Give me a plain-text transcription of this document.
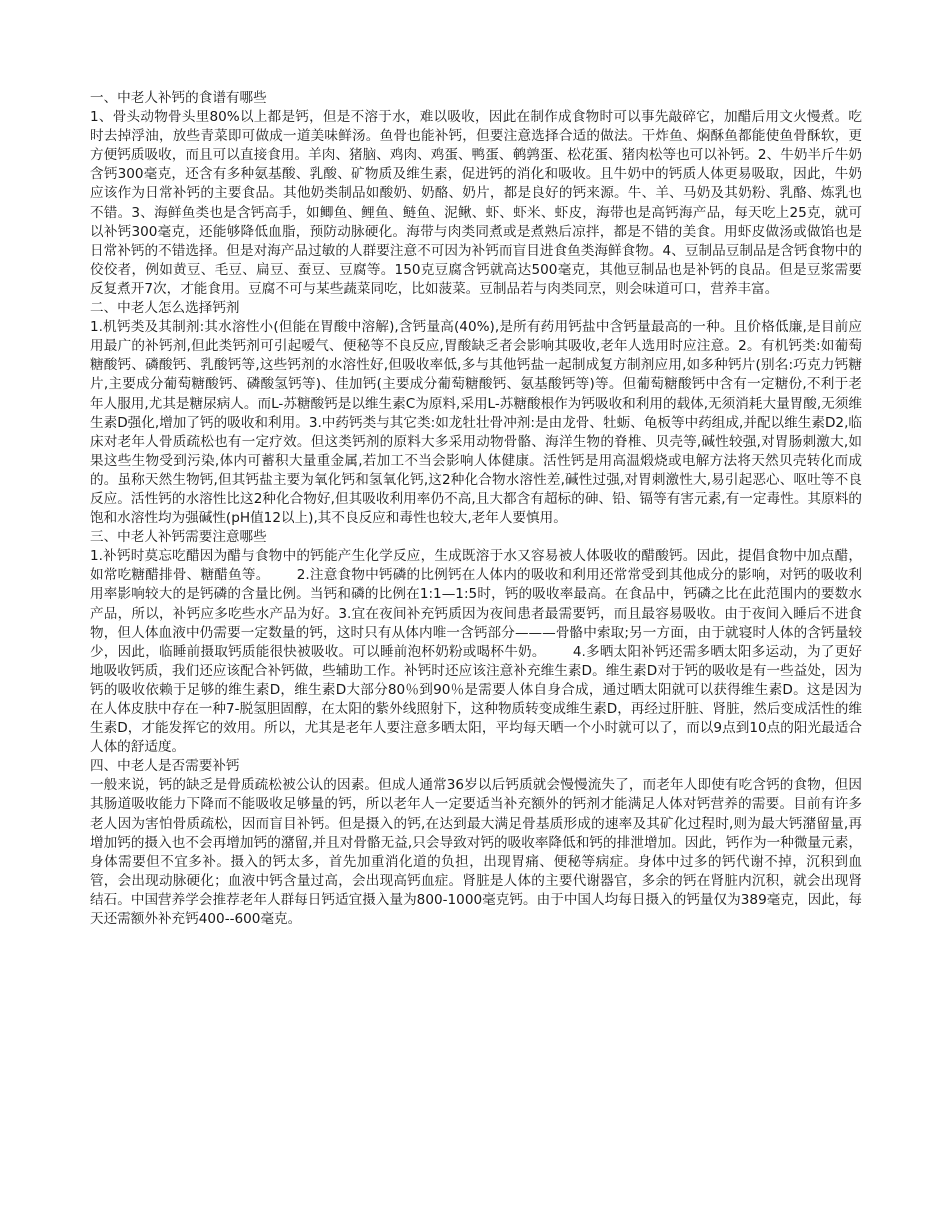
一、中老人补钙的食谱有哪些

1、骨头动物骨头里80%以上都是钙，但是不溶于水，难以吸收，因此在制作成食物时可以事先敲碎它，加醋后用文火慢煮。吃时去掉浮油，放些青菜即可做成一道美味鲜汤。鱼骨也能补钙，但要注意选择合适的做法。干炸鱼、焖酥鱼都能使鱼骨酥软，更方便钙质吸收，而且可以直接食用。羊肉、猪脑、鸡肉、鸡蛋、鸭蛋、鹌鹑蛋、松花蛋、猪肉松等也可以补钙。2、牛奶半斤牛奶含钙300毫克，还含有多种氨基酸、乳酸、矿物质及维生素，促进钙的消化和吸收。且牛奶中的钙质人体更易吸取，因此，牛奶应该作为日常补钙的主要食品。其他奶类制品如酸奶、奶酪、奶片，都是良好的钙来源。牛、羊、马奶及其奶粉、乳酪、炼乳也不错。3、海鲜鱼类也是含钙高手，如鲫鱼、鲤鱼、鲢鱼、泥鳅、虾、虾米、虾皮，海带也是高钙海产品，每天吃上25克，就可以补钙300毫克，还能够降低血脂，预防动脉硬化。海带与肉类同煮或是煮熟后凉拌，都是不错的美食。用虾皮做汤或做馅也是日常补钙的不错选择。但是对海产品过敏的人群要注意不可因为补钙而盲目进食鱼类海鲜食物。4、豆制品豆制品是含钙食物中的佼佼者，例如黄豆、毛豆、扁豆、蚕豆、豆腐等。150克豆腐含钙就高达500毫克，其他豆制品也是补钙的良品。但是豆浆需要反复煮开7次，才能食用。豆腐不可与某些蔬菜同吃，比如菠菜。豆制品若与肉类同烹，则会味道可口，营养丰富。

二、中老人怎么选择钙剂

1.机钙类及其制剂:其水溶性小(但能在胃酸中溶解),含钙量高(40%),是所有药用钙盐中含钙量最高的一种。且价格低廉,是目前应用最广的补钙剂,但此类钙剂可引起嗳气、便秘等不良反应,胃酸缺乏者会影响其吸收,老年人选用时应注意。2。有机钙类:如葡萄糖酸钙、磷酸钙、乳酸钙等,这些钙剂的水溶性好,但吸收率低,多与其他钙盐一起制成复方制剂应用,如多种钙片(别名:巧克力钙糖片,主要成分葡萄糖酸钙、磷酸氢钙等)、佳加钙(主要成分葡萄糖酸钙、氨基酸钙等)等。但葡萄糖酸钙中含有一定糖份,不利于老年人服用,尤其是糖尿病人。而L-苏糖酸钙是以维生素C为原料,采用L-苏糖酸根作为钙吸收和利用的载体,无须消耗大量胃酸,无须维生素D强化,增加了钙的吸收和利用。3.中药钙类与其它类:如龙牡壮骨冲剂:是由龙骨、牡蛎、龟板等中药组成,并配以维生素D2,临床对老年人骨质疏松也有一定疗效。但这类钙剂的原料大多采用动物骨骼、海洋生物的脊椎、贝壳等,碱性较强,对胃肠刺激大,如果这些生物受到污染,体内可蓄积大量重金属,若加工不当会影响人体健康。活性钙是用高温煅烧或电解方法将天然贝壳转化而成的。虽称天然生物钙,但其钙盐主要为氧化钙和氢氧化钙,这2种化合物水溶性差,碱性过强,对胃刺激性大,易引起恶心、呕吐等不良反应。活性钙的水溶性比这2种化合物好,但其吸收利用率仍不高,且大都含有超标的砷、铅、镉等有害元素,有一定毒性。其原料的饱和水溶性均为强碱性(pH值12以上),其不良反应和毒性也较大,老年人要慎用。

三、中老人补钙需要注意哪些

1.补钙时莫忘吃醋因为醋与食物中的钙能产生化学反应，生成既溶于水又容易被人体吸收的醋酸钙。因此，提倡食物中加点醋，如常吃糖醋排骨、糖醋鱼等。      2.注意食物中钙磷的比例钙在人体内的吸收和利用还常常受到其他成分的影响，对钙的吸收利用率影响较大的是钙磷的含量比例。当钙和磷的比例在1:1—1:5时，钙的吸收率最高。在食品中，钙磷之比在此范围内的要数水产品，所以，补钙应多吃些水产品为好。3.宜在夜间补充钙质因为夜间患者最需要钙，而且最容易吸收。由于夜间入睡后不进食物，但人体血液中仍需要一定数量的钙，这时只有从体内唯一含钙部分———骨骼中索取;另一方面，由于就寝时人体的含钙量较少，因此，临睡前摄取钙质能很快被吸收。可以睡前泡杯奶粉或喝杯牛奶。      4.多晒太阳补钙还需多晒太阳多运动，为了更好地吸收钙质，我们还应该配合补钙做，些辅助工作。补钙时还应该注意补充维生素D。维生素D对于钙的吸收是有一些益处，因为钙的吸收依赖于足够的维生素D，维生素D大部分80％到90％是需要人体自身合成，通过晒太阳就可以获得维生素D。这是因为在人体皮肤中存在一种7-脱氢胆固醇，在太阳的紫外线照射下，这种物质转变成维生素D，再经过肝脏、肾脏，然后变成活性的维生素D，才能发挥它的效用。所以，尤其是老年人要注意多晒太阳，平均每天晒一个小时就可以了，而以9点到10点的阳光最适合人体的舒适度。

四、中老人是否需要补钙

一般来说，钙的缺乏是骨质疏松被公认的因素。但成人通常36岁以后钙质就会慢慢流失了，而老年人即使有吃含钙的食物，但因其肠道吸收能力下降而不能吸收足够量的钙，所以老年人一定要适当补充额外的钙剂才能满足人体对钙营养的需要。目前有许多老人因为害怕骨质疏松，因而盲目补钙。但是摄入的钙,在达到最大满足骨基质形成的速率及其矿化过程时,则为最大钙潴留量,再增加钙的摄入也不会再增加钙的潴留,并且对骨骼无益,只会导致对钙的吸收率降低和钙的排泄增加。因此，钙作为一种微量元素，身体需要但不宜多补。摄入的钙太多，首先加重消化道的负担，出现胃痛、便秘等病症。身体中过多的钙代谢不掉，沉积到血管，会出现动脉硬化；血液中钙含量过高，会出现高钙血症。肾脏是人体的主要代谢器官，多余的钙在肾脏内沉积，就会出现肾结石。中国营养学会推荐老年人群每日钙适宜摄入量为800-1000毫克钙。由于中国人均每日摄入的钙量仅为389毫克，因此，每天还需额外补充钙400--600毫克。
